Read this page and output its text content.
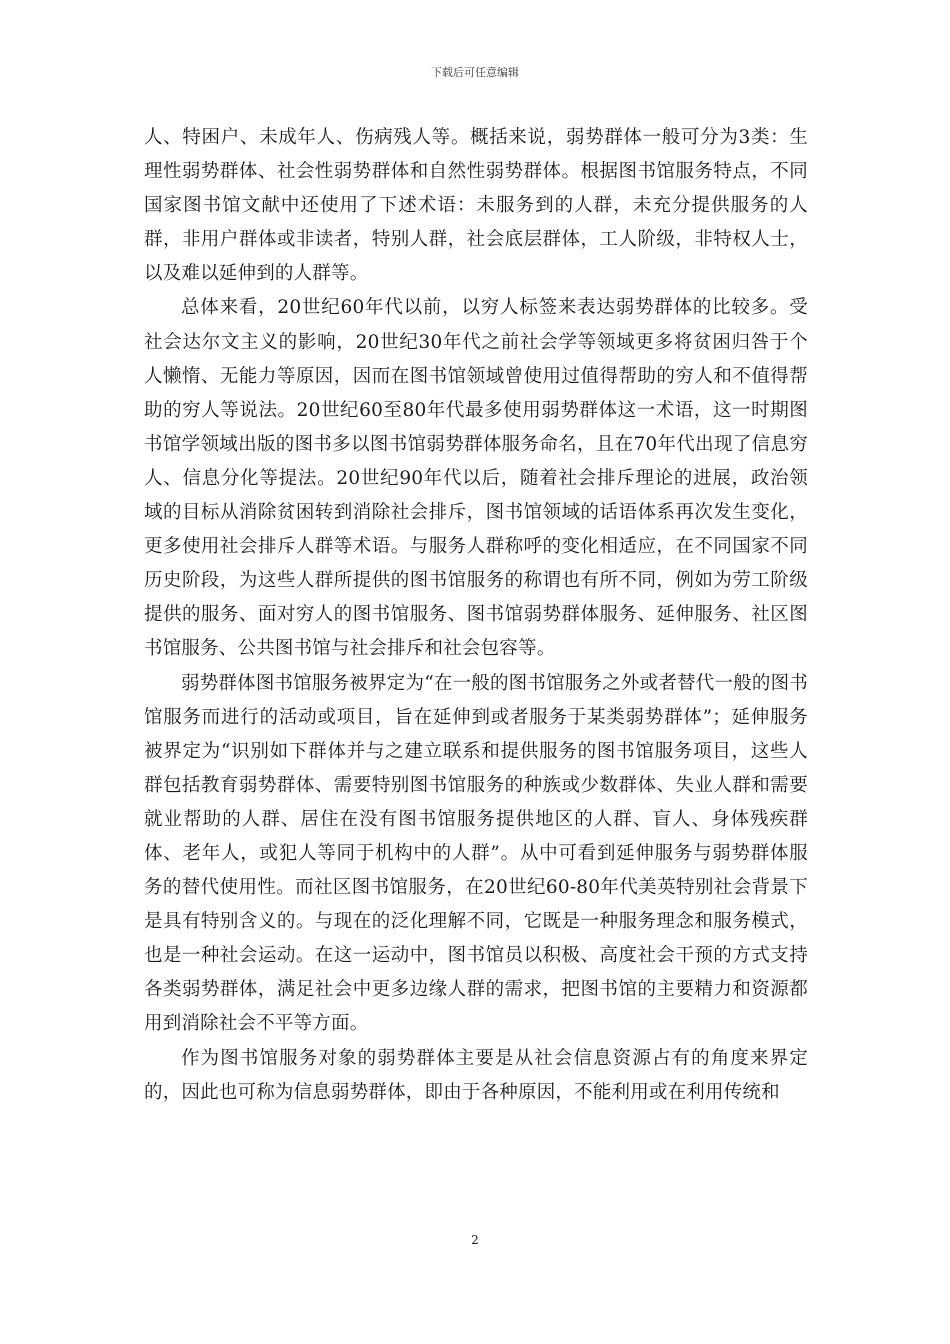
下载后可任意编辑

人、特困户、未成年人、伤病残人等。概括来说，弱势群体一般可分为3类：生理性弱势群体、社会性弱势群体和自然性弱势群体。根据图书馆服务特点，不同国家图书馆文献中还使用了下述术语：未服务到的人群，未充分提供服务的人群，非用户群体或非读者，特别人群，社会底层群体，工人阶级，非特权人士，以及难以延伸到的人群等。

总体来看，20世纪60年代以前，以穷人标签来表达弱势群体的比较多。受社会达尔文主义的影响，20世纪30年代之前社会学等领域更多将贫困归咎于个人懒惰、无能力等原因，因而在图书馆领域曾使用过值得帮助的穷人和不值得帮助的穷人等说法。20世纪60至80年代最多使用弱势群体这一术语，这一时期图书馆学领域出版的图书多以图书馆弱势群体服务命名，且在70年代出现了信息穷人、信息分化等提法。20世纪90年代以后，随着社会排斥理论的进展，政治领域的目标从消除贫困转到消除社会排斥，图书馆领域的话语体系再次发生变化，更多使用社会排斥人群等术语。与服务人群称呼的变化相适应，在不同国家不同历史阶段，为这些人群所提供的图书馆服务的称谓也有所不同，例如为劳工阶级提供的服务、面对穷人的图书馆服务、图书馆弱势群体服务、延伸服务、社区图书馆服务、公共图书馆与社会排斥和社会包容等。

弱势群体图书馆服务被界定为“在一般的图书馆服务之外或者替代一般的图书馆服务而进行的活动或项目，旨在延伸到或者服务于某类弱势群体”；延伸服务被界定为“识别如下群体并与之建立联系和提供服务的图书馆服务项目，这些人群包括教育弱势群体、需要特别图书馆服务的种族或少数群体、失业人群和需要就业帮助的人群、居住在没有图书馆服务提供地区的人群、盲人、身体残疾群体、老年人，或犯人等同于机构中的人群”。从中可看到延伸服务与弱势群体服务的替代使用性。而社区图书馆服务，在20世纪60-80年代美英特别社会背景下是具有特别含义的。与现在的泛化理解不同，它既是一种服务理念和服务模式，也是一种社会运动。在这一运动中，图书馆员以积极、高度社会干预的方式支持各类弱势群体，满足社会中更多边缘人群的需求，把图书馆的主要精力和资源都用到消除社会不平等方面。

作为图书馆服务对象的弱势群体主要是从社会信息资源占有的角度来界定的，因此也可称为信息弱势群体，即由于各种原因，不能利用或在利用传统和

2
